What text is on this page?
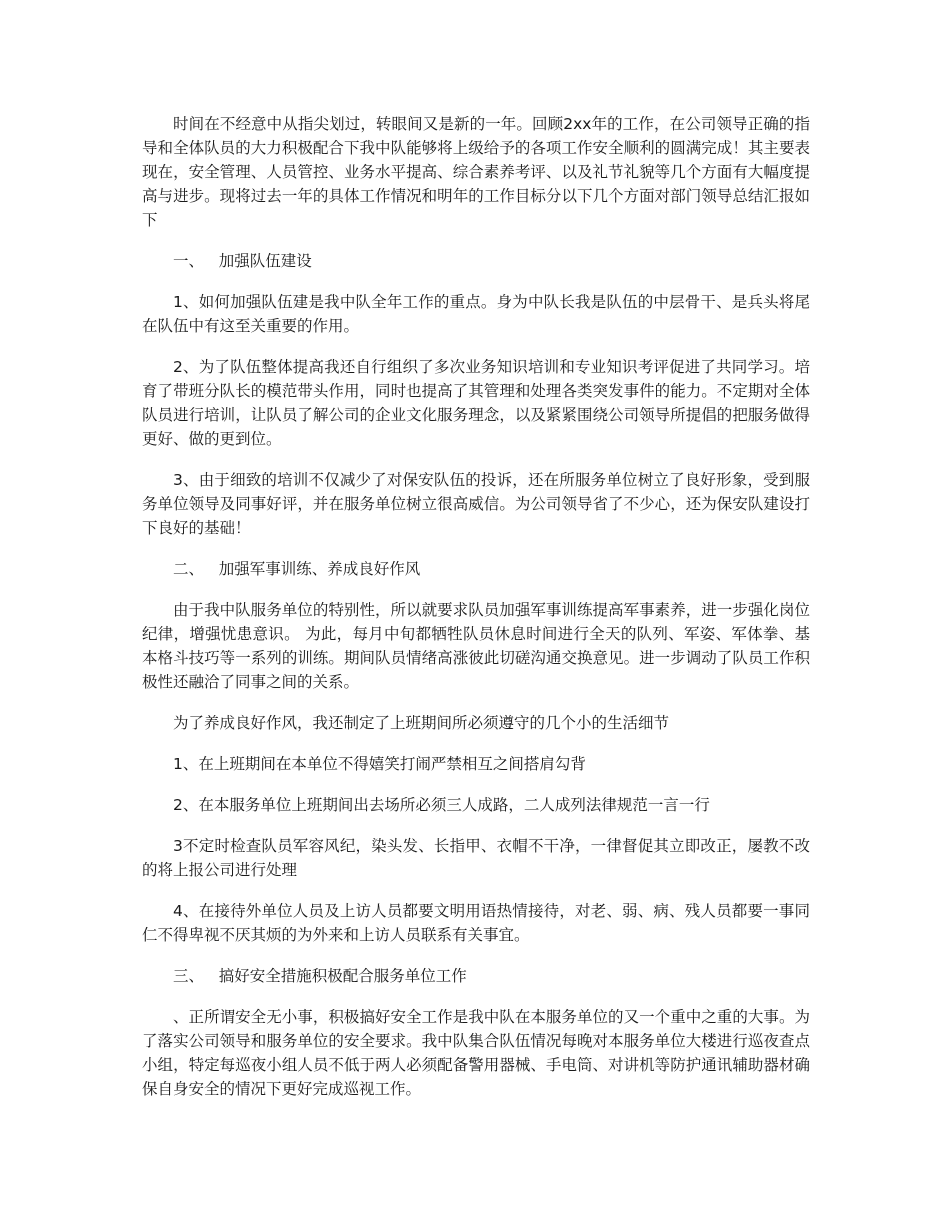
时间在不经意中从指尖划过，转眼间又是新的一年。回顾2xx年的工作，在公司领导正确的指导和全体队员的大力积极配合下我中队能够将上级给予的各项工作安全顺利的圆满完成！其主要表现在，安全管理、人员管控、业务水平提高、综合素养考评、以及礼节礼貌等几个方面有大幅度提高与进步。现将过去一年的具体工作情况和明年的工作目标分以下几个方面对部门领导总结汇报如下

一、   加强队伍建设

1、如何加强队伍建是我中队全年工作的重点。身为中队长我是队伍的中层骨干、是兵头将尾在队伍中有这至关重要的作用。

2、为了队伍整体提高我还自行组织了多次业务知识培训和专业知识考评促进了共同学习。培育了带班分队长的模范带头作用，同时也提高了其管理和处理各类突发事件的能力。不定期对全体队员进行培训，让队员了解公司的企业文化服务理念，以及紧紧围绕公司领导所提倡的把服务做得更好、做的更到位。

3、由于细致的培训不仅减少了对保安队伍的投诉，还在所服务单位树立了良好形象，受到服务单位领导及同事好评，并在服务单位树立很高威信。为公司领导省了不少心，还为保安队建设打下良好的基础！

二、   加强军事训练、养成良好作风

由于我中队服务单位的特别性，所以就要求队员加强军事训练提高军事素养，进一步强化岗位纪律，增强忧患意识。 为此，每月中旬都牺牲队员休息时间进行全天的队列、军姿、军体拳、基本格斗技巧等一系列的训练。期间队员情绪高涨彼此切磋沟通交换意见。进一步调动了队员工作积极性还融洽了同事之间的关系。

为了养成良好作风，我还制定了上班期间所必须遵守的几个小的生活细节

1、在上班期间在本单位不得嬉笑打闹严禁相互之间搭肩勾背

2、在本服务单位上班期间出去场所必须三人成路，二人成列法律规范一言一行

3不定时检查队员军容风纪，染头发、长指甲、衣帽不干净，一律督促其立即改正，屡教不改的将上报公司进行处理

4、在接待外单位人员及上访人员都要文明用语热情接待，对老、弱、病、残人员都要一事同仁不得卑视不厌其烦的为外来和上访人员联系有关事宜。

三、   搞好安全措施积极配合服务单位工作

、正所谓安全无小事，积极搞好安全工作是我中队在本服务单位的又一个重中之重的大事。为了落实公司领导和服务单位的安全要求。我中队集合队伍情况每晚对本服务单位大楼进行巡夜查点小组，特定每巡夜小组人员不低于两人必须配备警用器械、手电筒、对讲机等防护通讯辅助器材确保自身安全的情况下更好完成巡视工作。
